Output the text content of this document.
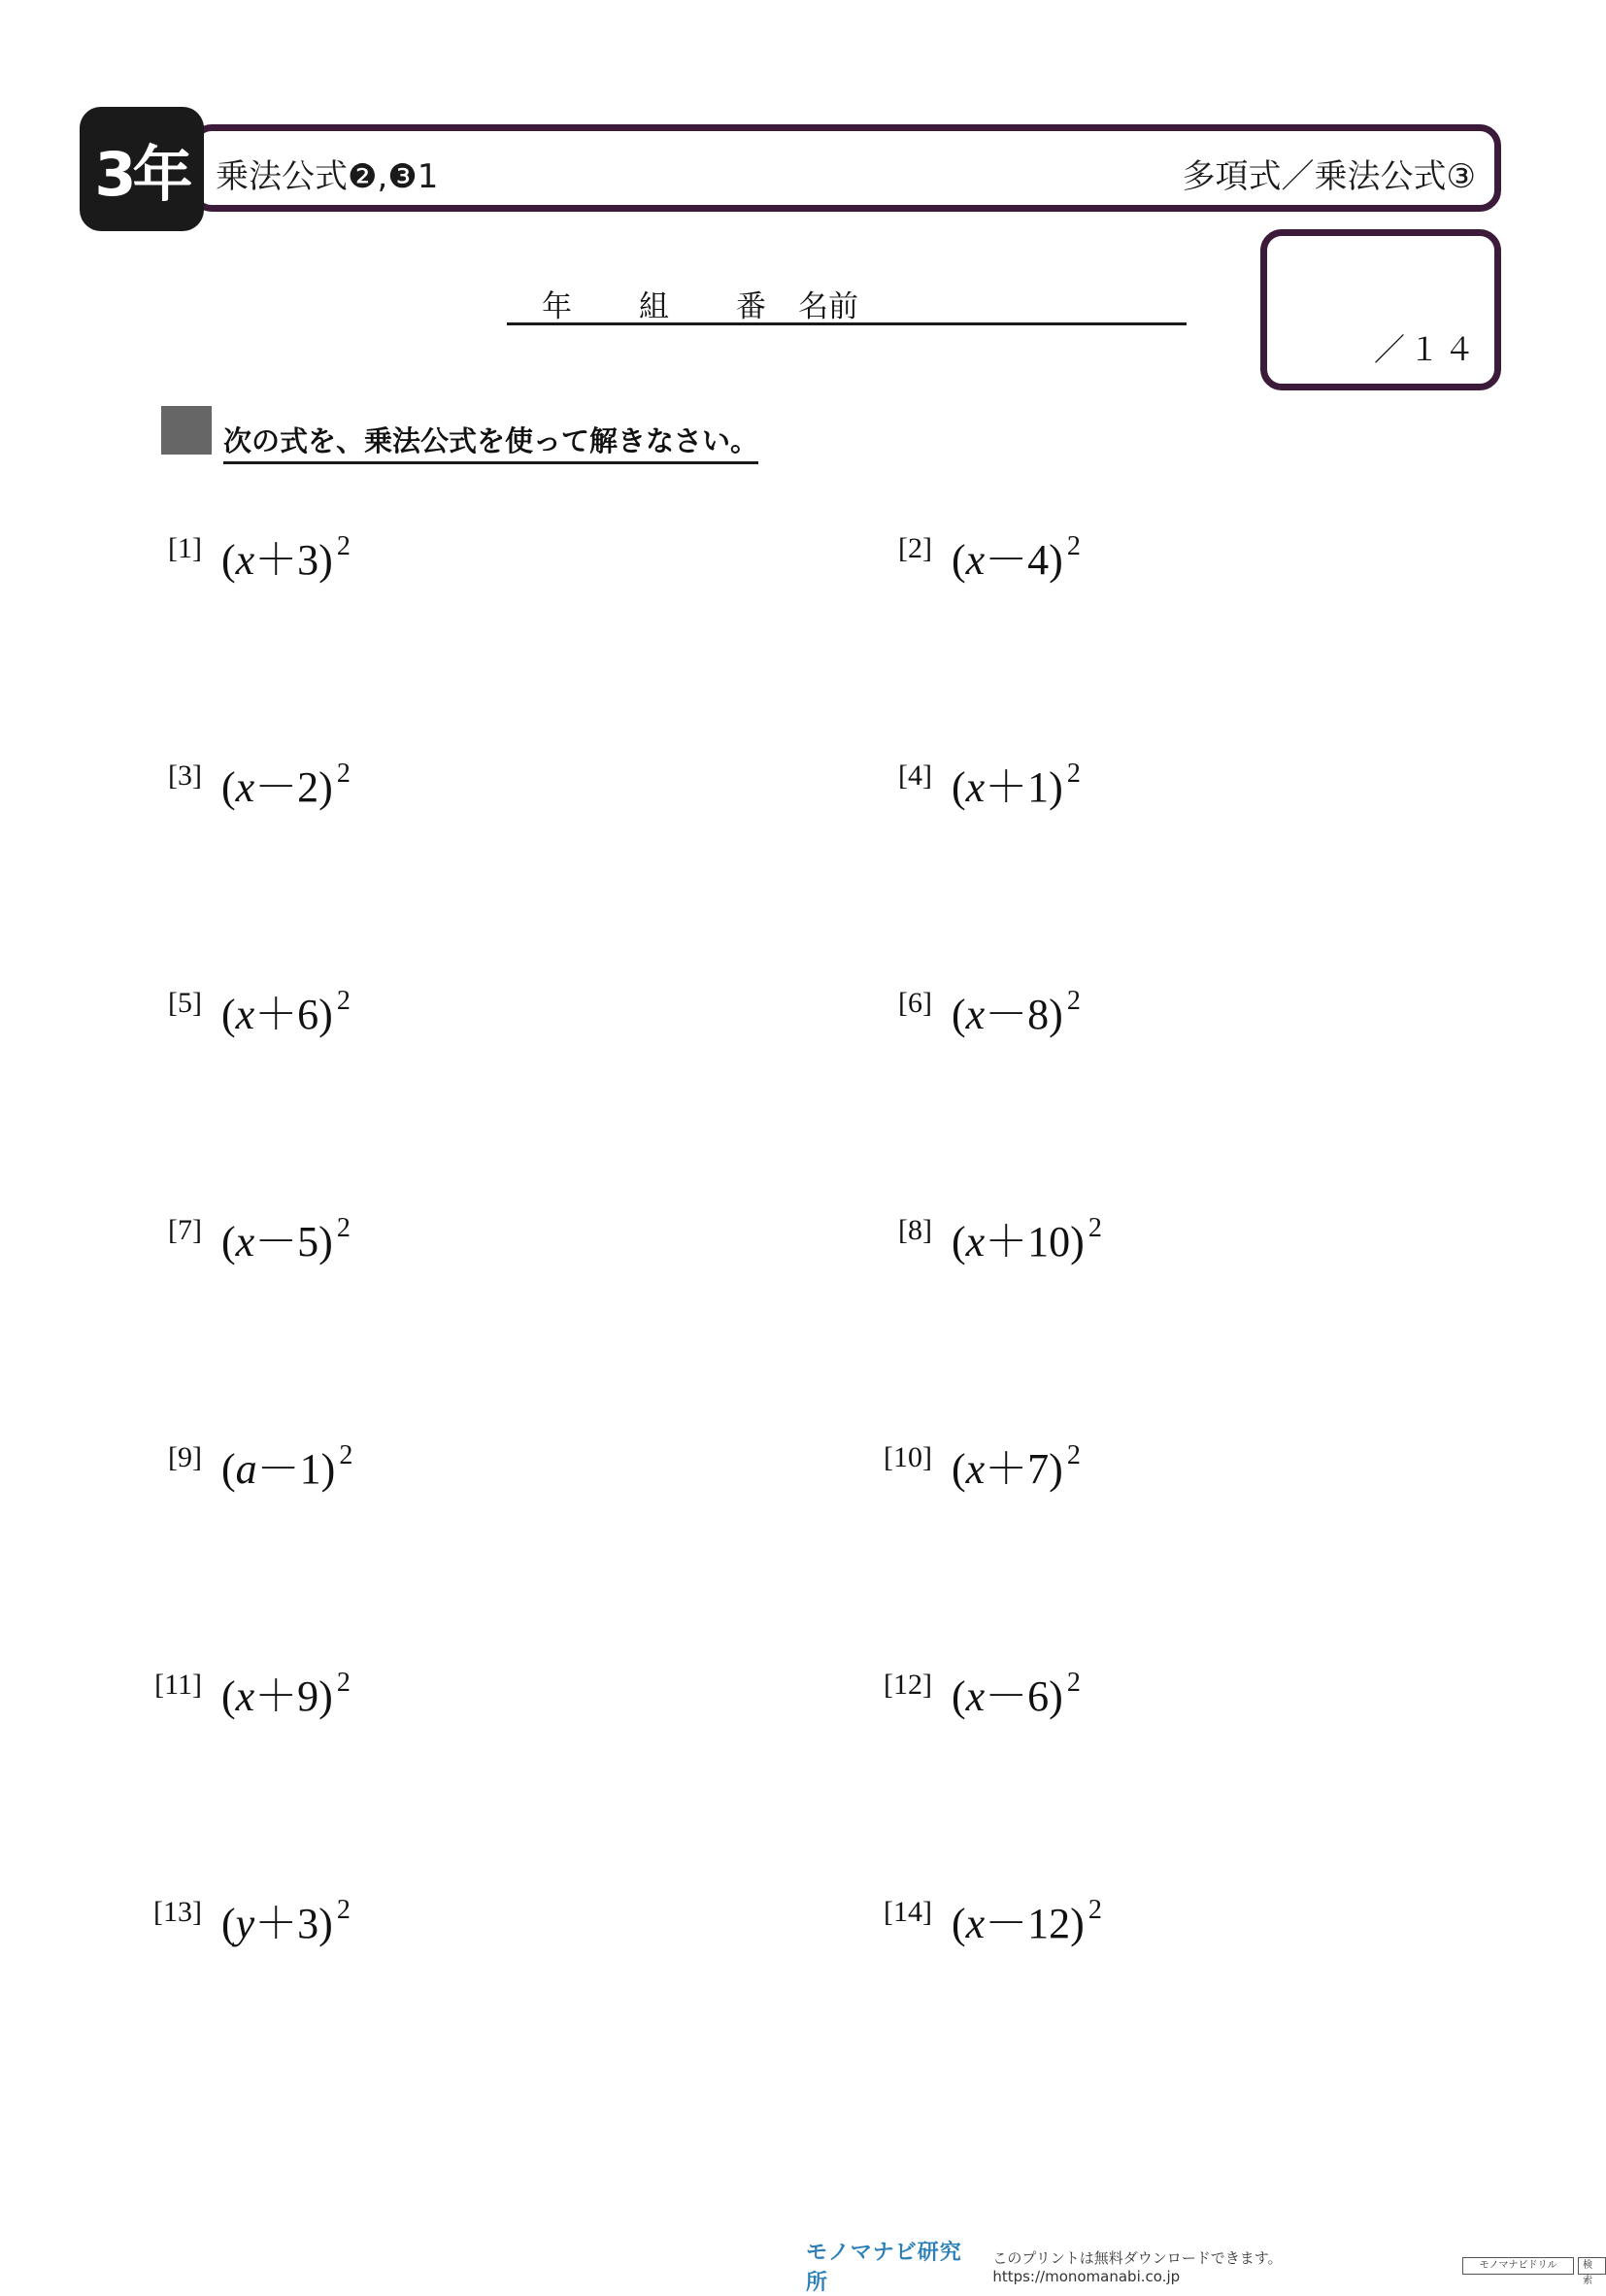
3年 乗法公式❷,❸1	多項式／乗法公式③
年 組 番 名前
／１４
次の式を、乗法公式を使って解きなさい。
[1] (x＋3) $^2$	[2] (x－4) $^2$
[3] (x－2) $^2$	[4] (x＋1) $^2$
[5] (x＋6) $^2$	[6] (x－8) $^2$
[7] (x－5) $^2$	[8] (x＋10) $^2$
[9] (a－1) $^2$	[10] (x＋7) $^2$
[11] (x＋9) $^2$	[12] (x－6) $^2$
[13] (y＋3) $^2$	[14] (x－12) $^2$
モノマナビ研究所
このプリントは無料ダウンロードできます。https://monomanabi.co.jp
モノマナビドリル	検索
